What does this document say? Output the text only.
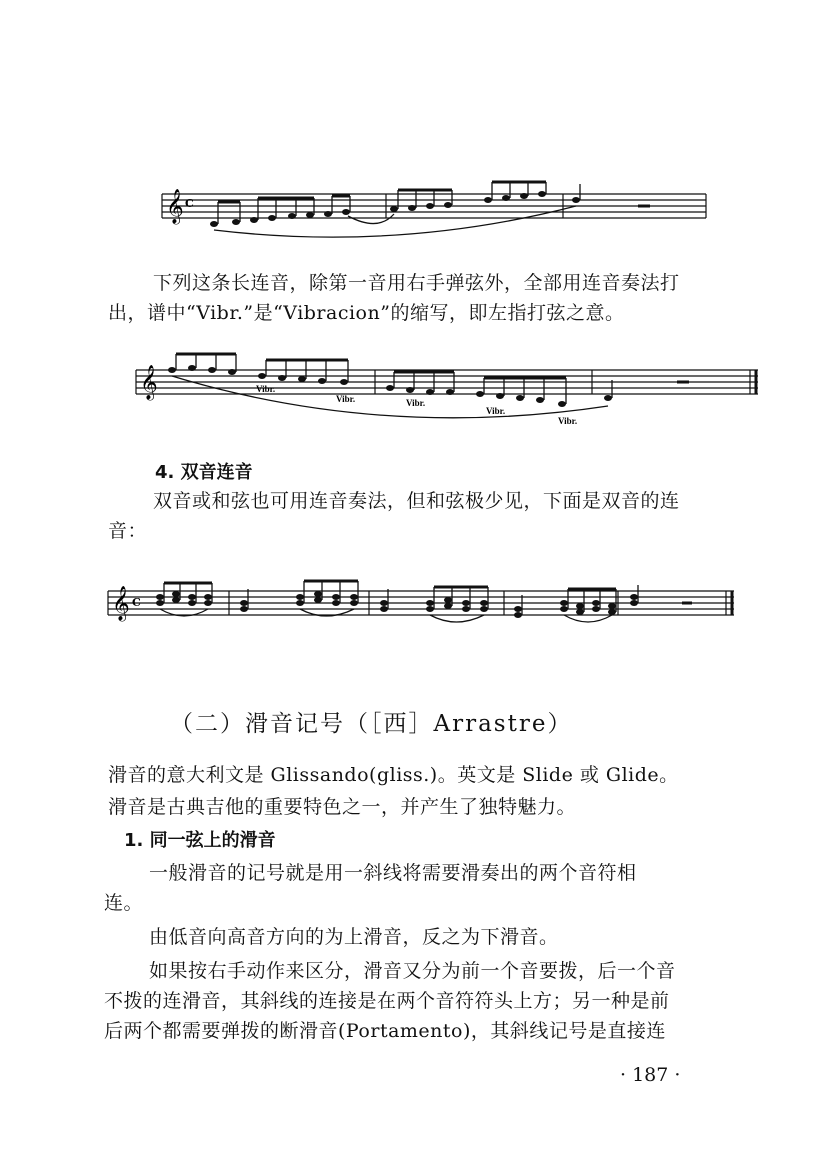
𝄞 C

下列这条长连音，除第一音用右手弹弦外，全部用连音奏法打
出，谱中“Vibr.”是“Vibracion”的缩写，即左指打弦之意。

𝄞	Vibr.
Vibr.	Vibr.
Vibr.
Vibr.

4. 双音连音

双音或和弦也可用连音奏法，但和弦极少见，下面是双音的连
音：

𝄞 C
（二）滑音记号（［西］Arrastre）

滑音的意大利文是 Glissando(gliss.)。英文是 Slide 或 Glide。

滑音是古典吉他的重要特色之一，并产生了独特魅力。

1. 同一弦上的滑音

一般滑音的记号就是用一斜线将需要滑奏出的两个音符相
连。

由低音向高音方向的为上滑音，反之为下滑音。

如果按右手动作来区分，滑音又分为前一个音要拨，后一个音
不拨的连滑音，其斜线的连接是在两个音符符头上方；另一种是前
后两个都需要弹拨的断滑音(Portamento)，其斜线记号是直接连

· 187 ·
